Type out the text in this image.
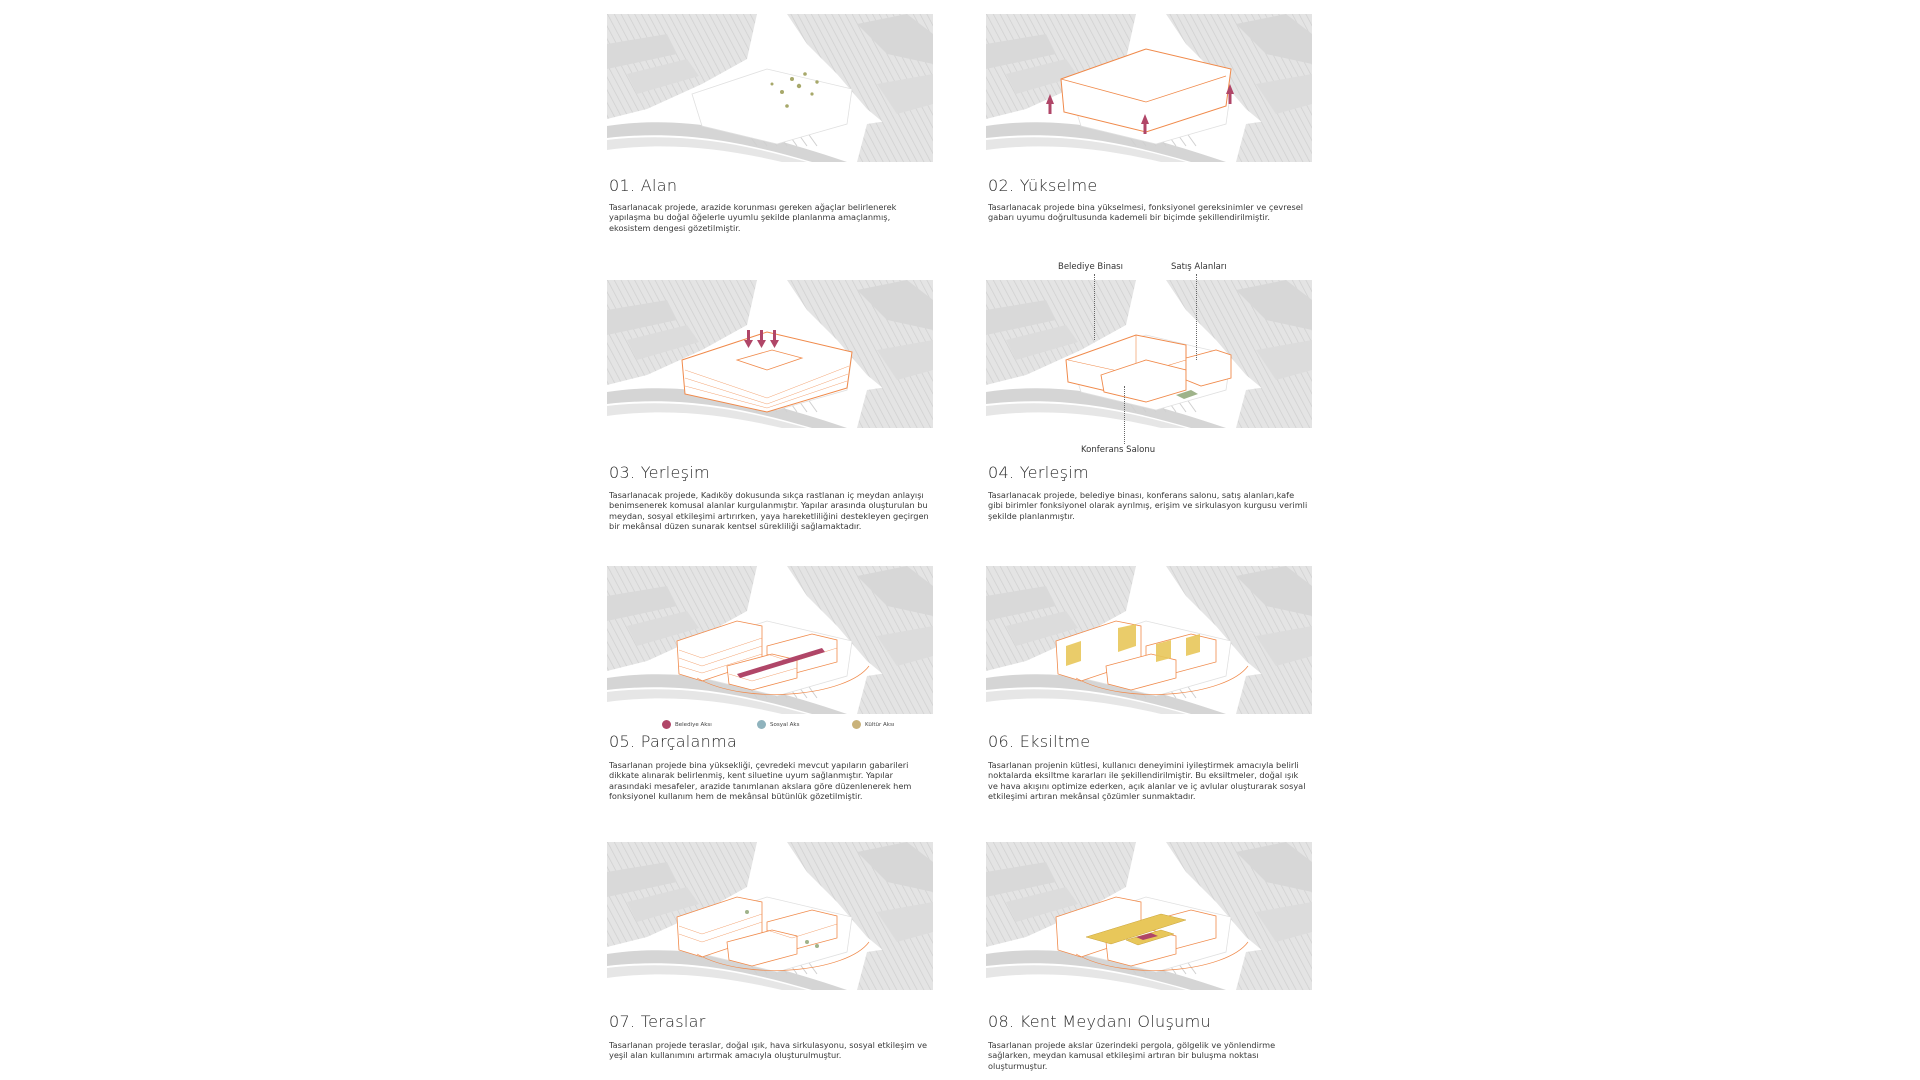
01. Alan
Tasarlanacak projede, arazide korunması gereken ağaçlar belirlenerek yapılaşma bu doğal öğelerle uyumlu şekilde planlanma amaçlanmış, ekosistem dengesi gözetilmiştir.
02. Yükselme
Tasarlanacak projede bina yükselmesi, fonksiyonel gereksinimler ve çevresel gabarı uyumu doğrultusunda kademeli bir biçimde şekillendirilmiştir.
03. Yerleşim
Tasarlanacak projede, Kadıköy dokusunda sıkça rastlanan iç meydan anlayışı benimsenerek komusal alanlar kurgulanmıştır. Yapılar arasında oluşturulan bu meydan, sosyal etkileşimi artırırken, yaya hareketliliğini destekleyen geçirgen bir mekânsal düzen sunarak kentsel sürekliliği sağlamaktadır.
Belediye Binası	Satış Alanları
Konferans Salonu
04. Yerleşim
Tasarlanacak projede, belediye binası, konferans salonu, satış alanları,kafe gibi birimler fonksiyonel olarak ayrılmış, erişim ve sirkulasyon kurgusu verimli şekilde planlanmıştır.
Belediye Aksı	Sosyal Aks	Kültür Aksı
05. Parçalanma
Tasarlanan projede bina yüksekliği, çevredeki mevcut yapıların gabarileri dikkate alınarak belirlenmiş, kent siluetine uyum sağlanmıştır. Yapılar arasındaki mesafeler, arazide tanımlanan akslara göre düzenlenerek hem fonksiyonel kullanım hem de mekânsal bütünlük gözetilmiştir.
06. Eksiltme
Tasarlanan projenin kütlesi, kullanıcı deneyimini iyileştirmek amacıyla belirli noktalarda eksiltme kararları ile şekillendirilmiştir. Bu eksiltmeler, doğal ışık ve hava akışını optimize ederken, açık alanlar ve iç avlular oluşturarak sosyal etkileşimi artıran mekânsal çözümler sunmaktadır.
07. Teraslar
Tasarlanan projede teraslar, doğal ışık, hava sirkulasyonu, sosyal etkileşim ve yeşil alan kullanımını artırmak amacıyla oluşturulmuştur.
08. Kent Meydanı Oluşumu
Tasarlanan projede akslar üzerindeki pergola, gölgelik ve yönlendirme sağlarken, meydan kamusal etkileşimi artıran bir buluşma noktası oluşturmuştur.
